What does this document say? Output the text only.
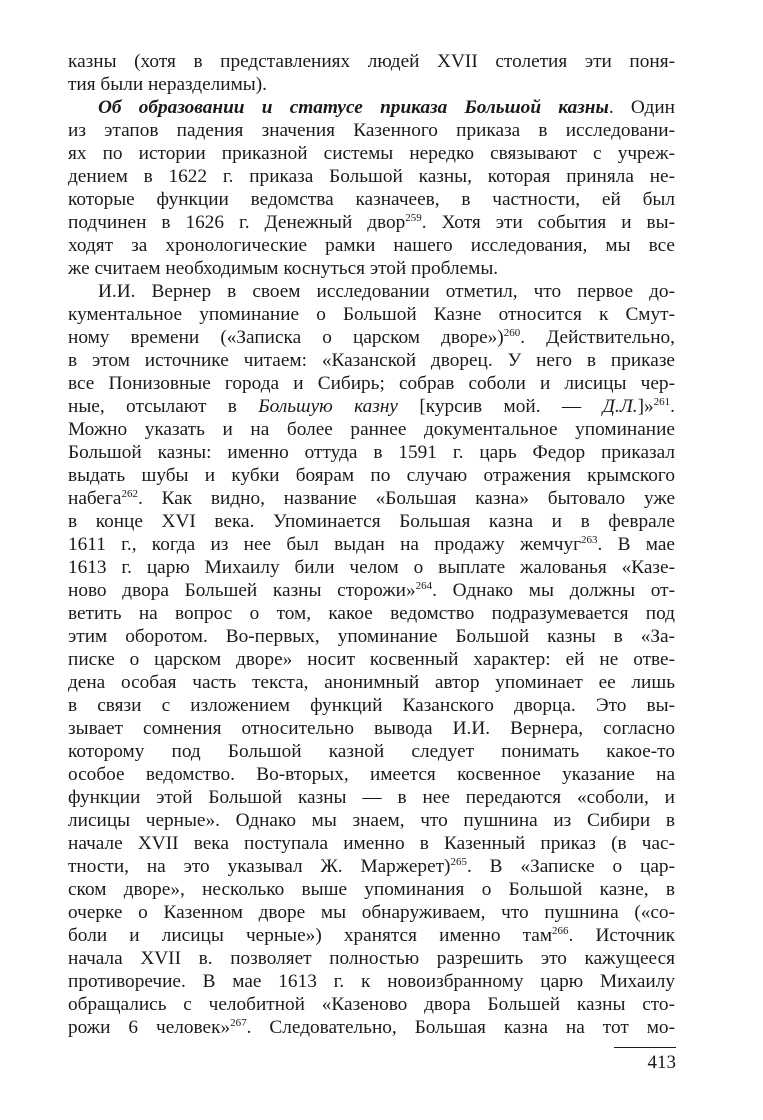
казны (хотя в представлениях людей XVII столетия эти поня-
тия были неразделимы).
Об образовании и статусе приказа Большой казны. Один
из этапов падения значения Казенного приказа в исследовани-
ях по истории приказной системы нередко связывают с учреж-
дением в 1622 г. приказа Большой казны, которая приняла не-
которые функции ведомства казначеев, в частности, ей был
подчинен в 1626 г. Денежный двор$^{259}$. Хотя эти события и вы-
ходят за хронологические рамки нашего исследования, мы все
же считаем необходимым коснуться этой проблемы.
И.И. Вернер в своем исследовании отметил, что первое до-
кументальное упоминание о Большой Казне относится к Смут-
ному времени («Записка о царском дворе»)$^{260}$. Действительно,
в этом источнике читаем: «Казанской дворец. У него в приказе
все Понизовные города и Сибирь; собрав соболи и лисицы чер-
ные, отсылают в Большую казну [курсив мой. — Д.Л.]»$^{261}$.
Можно указать и на более раннее документальное упоминание
Большой казны: именно оттуда в 1591 г. царь Федор приказал
выдать шубы и кубки боярам по случаю отражения крымского
набега$^{262}$. Как видно, название «Большая казна» бытовало уже
в конце XVI века. Упоминается Большая казна и в феврале
1611 г., когда из нее был выдан на продажу жемчуг$^{263}$. В мае
1613 г. царю Михаилу били челом о выплате жалованья «Казе-
ново двора Большей казны сторожи»$^{264}$. Однако мы должны от-
ветить на вопрос о том, какое ведомство подразумевается под
этим оборотом. Во-первых, упоминание Большой казны в «За-
писке о царском дворе» носит косвенный характер: ей не отве-
дена особая часть текста, анонимный автор упоминает ее лишь
в связи с изложением функций Казанского дворца. Это вы-
зывает сомнения относительно вывода И.И. Вернера, согласно
которому под Большой казной следует понимать какое-то
особое ведомство. Во-вторых, имеется косвенное указание на
функции этой Большой казны — в нее передаются «соболи, и
лисицы черные». Однако мы знаем, что пушнина из Сибири в
начале XVII века поступала именно в Казенный приказ (в час-
тности, на это указывал Ж. Маржерет)$^{265}$. В «Записке о цар-
ском дворе», несколько выше упоминания о Большой казне, в
очерке о Казенном дворе мы обнаруживаем, что пушнина («со-
боли и лисицы черные») хранятся именно там$^{266}$. Источник
начала XVII в. позволяет полностью разрешить это кажущееся
противоречие. В мае 1613 г. к новоизбранному царю Михаилу
обращались с челобитной «Казеново двора Большей казны сто-
рожи 6 человек»$^{267}$. Следовательно, Большая казна на тот мо-
413
